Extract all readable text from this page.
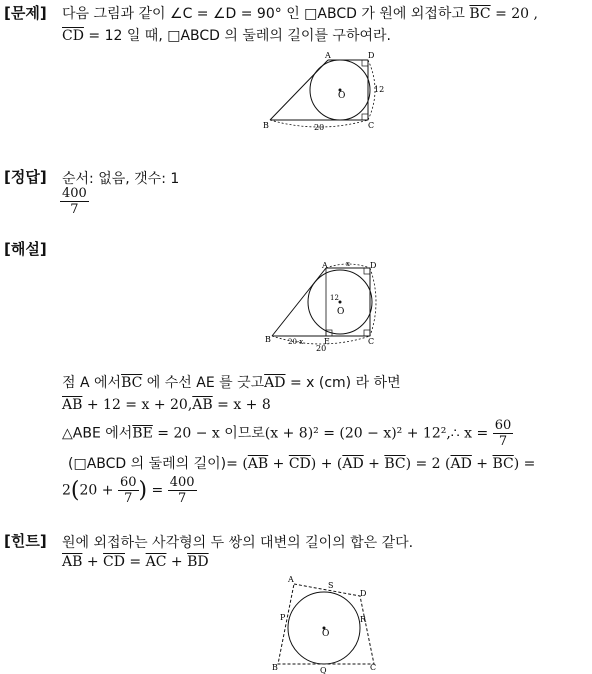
[문제] 다음 그림과 같이 ∠C = ∠D = 90° 인 □ABCD 가 원에 외접하고 $\overline{BC} = 20$ ,
$\overline{CD} = 12$ 일 때, □ABCD 의 둘레의 길이를 구하여라.
A	D
B	C
O
12
20
[정답] 순서: 없음, 갯수: 1
$\frac{400}{7}$
[해설]
A	D
B	C
E
O
12
20
x
20-x
점 A 에서$\overline{BC}$ 에 수선 AE 를 긋고$\overline{AD} = x$ (cm) 라 하면
$\overline{AB} + 12 = x + 20,\overline{AB} = x + 8$
△ABE 에서$\overline{BE} = 20 - x$ 이므로(x + 8)² = (20 − x)² + 12²,∴ $x = \frac{60}{7}$
(□ABCD 의 둘레의 길이)= $(\overline{AB} + \overline{CD}) + (\overline{AD} + \overline{BC}) = 2$ $(\overline{AD} + \overline{BC})$ =
$2(20 + \frac{60}{7}$ ) = $\frac{400}{7}$
[힌트] 원에 외접하는 사각형의 두 쌍의 대변의 길이의 합은 같다.
$\overline{AB} + \overline{CD} = \overline{AC} + \overline{BD}$
A
S
D
P	R
O
B	Q	C
